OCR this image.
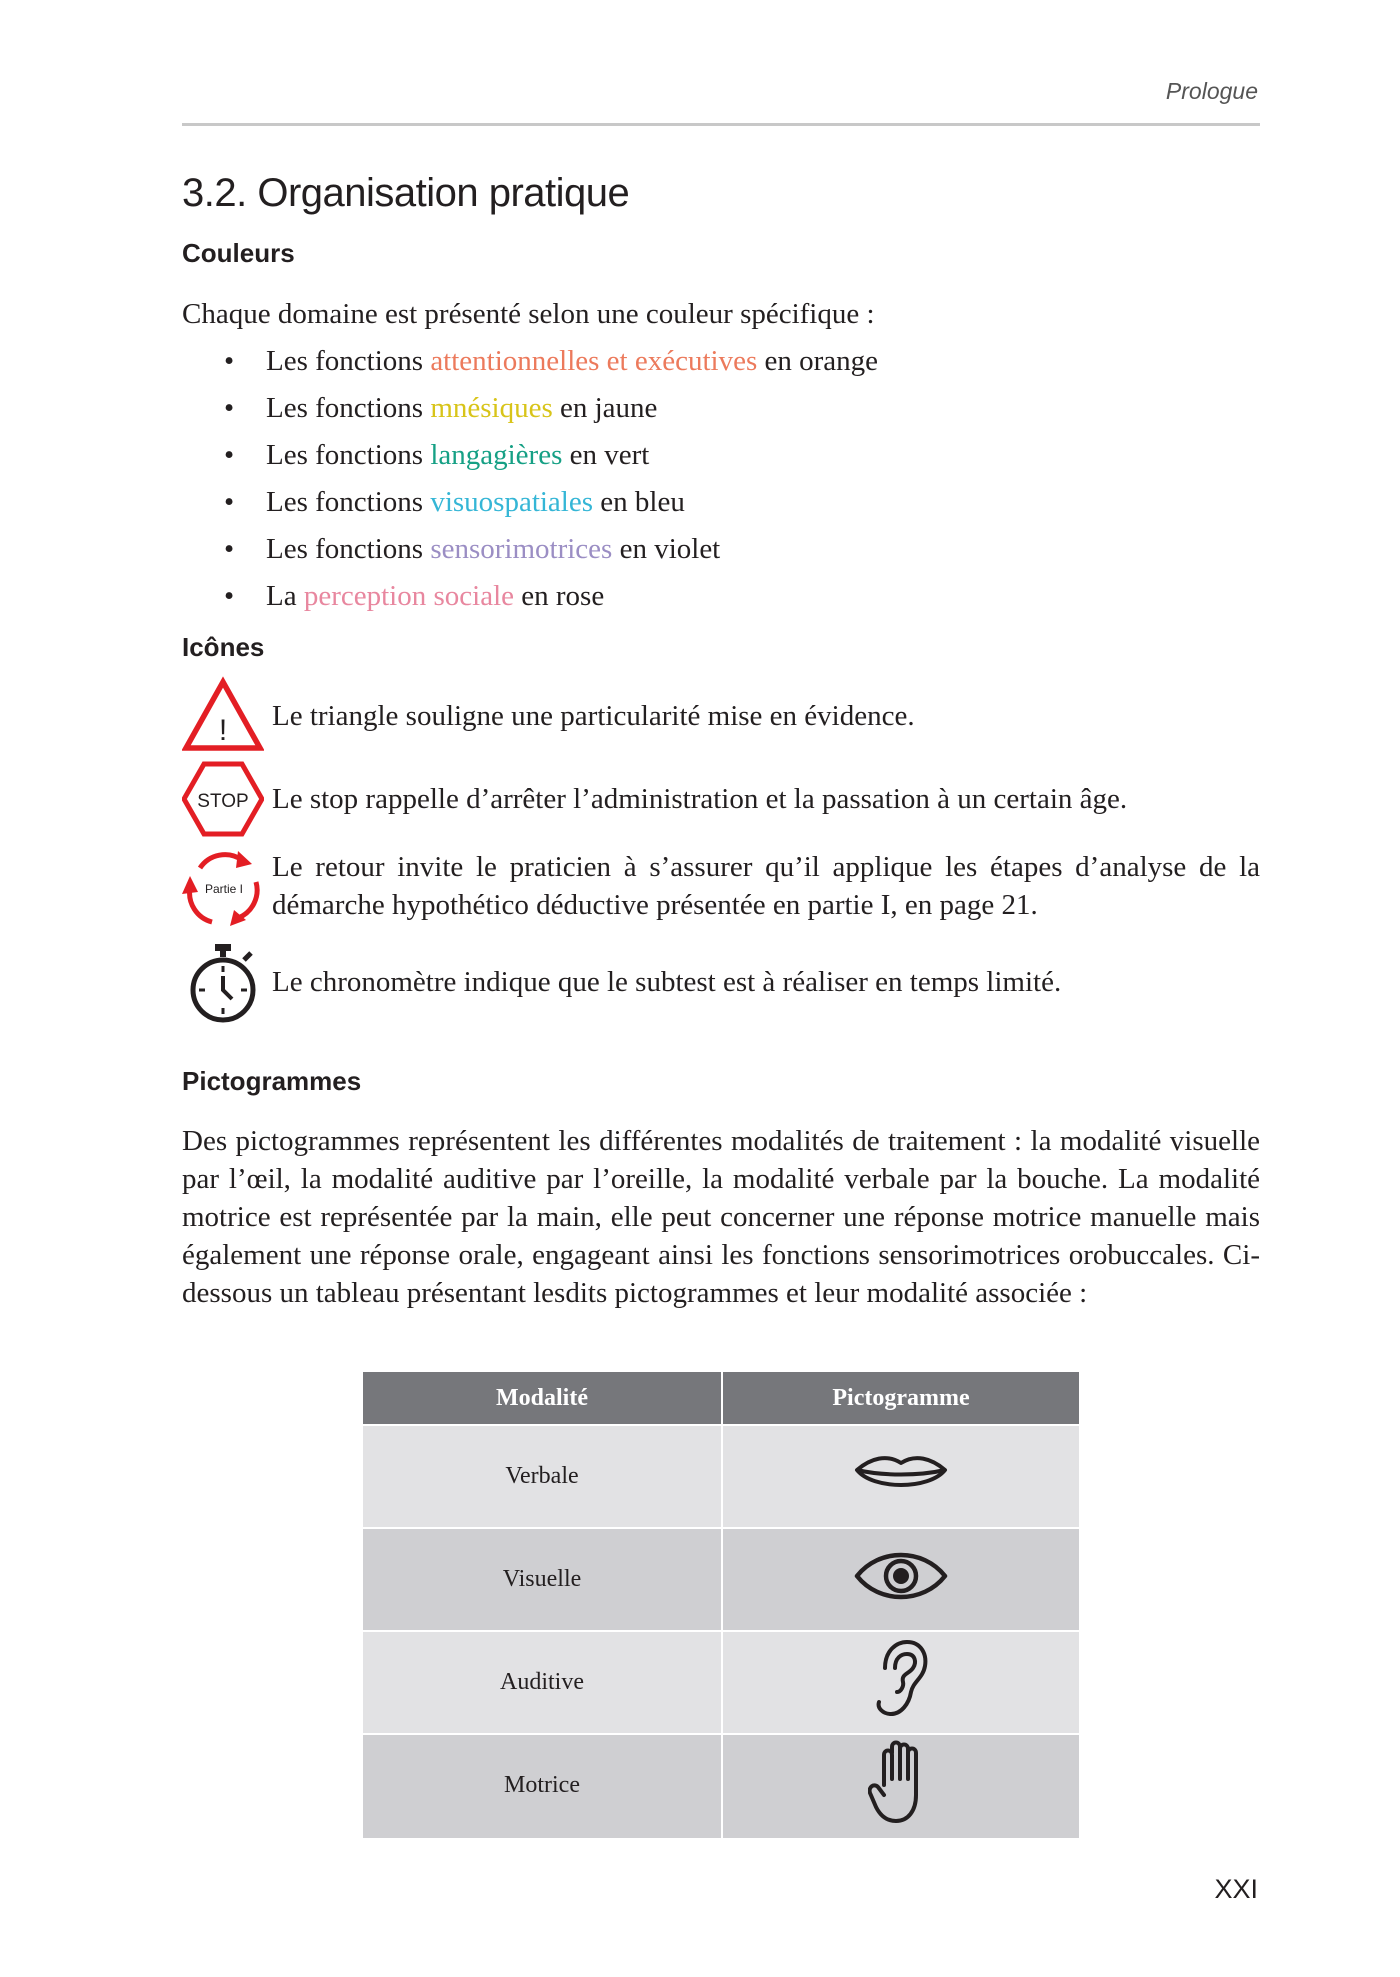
Prologue
3.2. Organisation pratique
Couleurs

Chaque domaine est présenté selon une couleur spécifique :

• Les fonctions attentionnelles et exécutives en orange
• Les fonctions mnésiques en jaune
• Les fonctions langagières en vert
• Les fonctions visuospatiales en bleu
• Les fonctions sensorimotrices en violet
• La perception sociale en rose
Icônes
! Le triangle souligne une particularité mise en évidence.

STOP Le stop rappelle d’arrêter l’administration et la passation à un certain âge.

Partie I

Le retour invite le praticien à s’assurer qu’il applique les étapes d’analyse de la démarche hypothético déductive présentée en partie I, en page 21.

Le chronomètre indique que le subtest est à réaliser en temps limité.

Pictogrammes

Des pictogrammes représentent les différentes modalités de traitement : la modalité visuelle par l’œil, la modalité auditive par l’oreille, la modalité verbale par la bouche. La modalité motrice est représentée par la main, elle peut concerner une réponse motrice manuelle mais également une réponse orale, engageant ainsi les fonctions sensorimotrices orobuccales. Ci-dessous un tableau présentant lesdits pictogrammes et leur modalité associée :

Modalité	Pictogramme
Verbale	
Visuelle	
Auditive	
Motrice	
XXI
